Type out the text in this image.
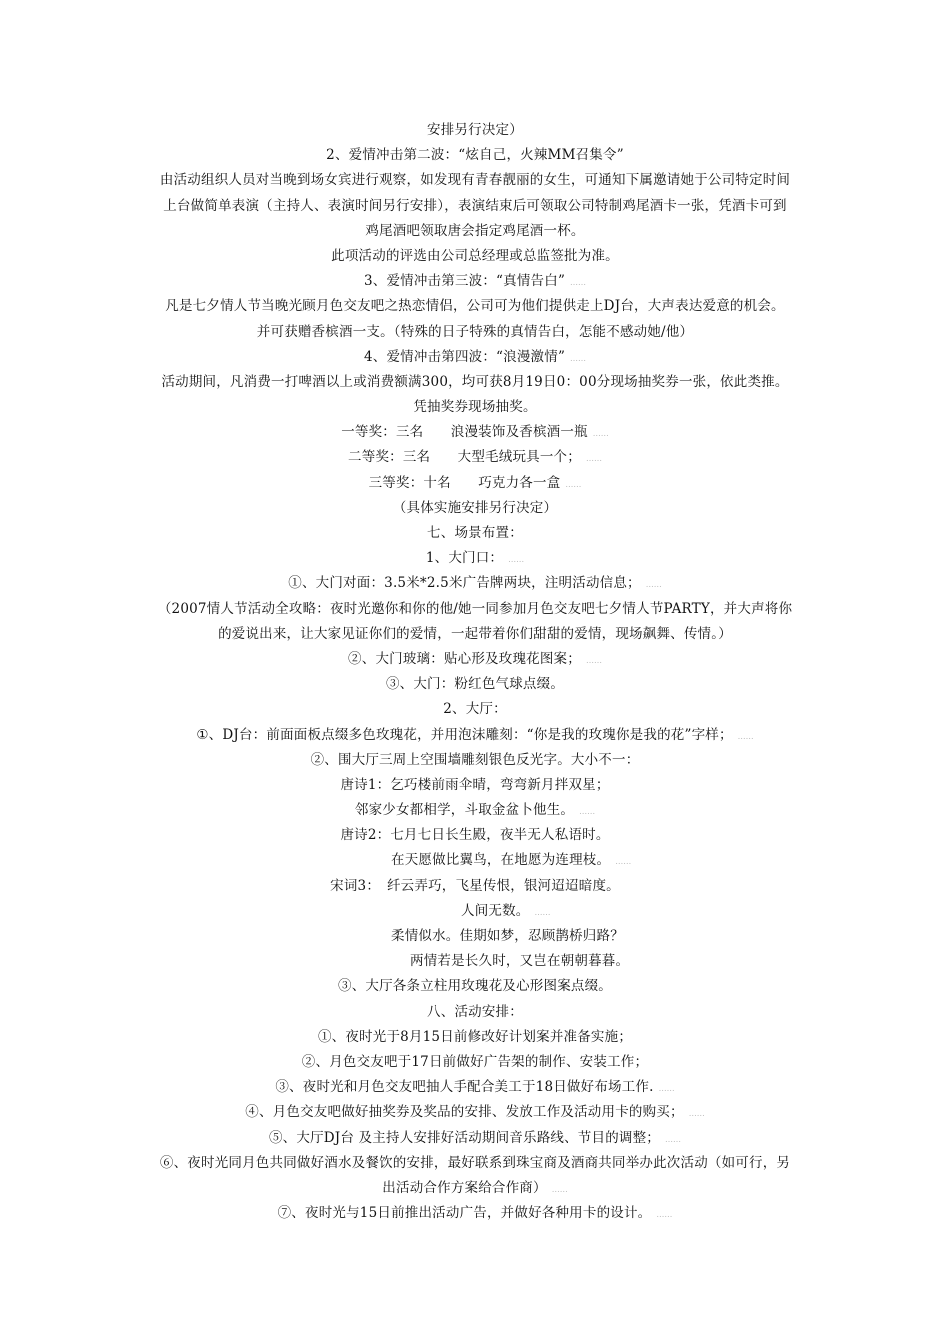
安排另行决定）
2、爱情冲击第二波：“炫自己，火辣MM召集令”
由活动组织人员对当晚到场女宾进行观察，如发现有青春靓丽的女生，可通知下属邀请她于公司特定时间
上台做简单表演（主持人、表演时间另行安排），表演结束后可领取公司特制鸡尾酒卡一张，凭酒卡可到
鸡尾酒吧领取唐会指定鸡尾酒一杯。
此项活动的评选由公司总经理或总监签批为准。
3、爱情冲击第三波：“真情告白” ……
凡是七夕情人节当晚光顾月色交友吧之热恋情侣，公司可为他们提供走上DJ台，大声表达爱意的机会。
并可获赠香槟酒一支。（特殊的日子特殊的真情告白，怎能不感动她/他）
4、爱情冲击第四波：“浪漫激情” ……
活动期间，凡消费一打啤酒以上或消费额满300，均可获8月19日0：00分现场抽奖券一张，依此类推。
凭抽奖券现场抽奖。
一等奖：三名　　浪漫装饰及香槟酒一瓶 ……
二等奖：三名　　大型毛绒玩具一个； ……
三等奖：十名　　巧克力各一盒 ……
（具体实施安排另行决定）
七、场景布置：
1、大门口： ……
①、大门对面：3.5米*2.5米广告牌两块，注明活动信息； ……
（2007情人节活动全攻略：夜时光邀你和你的他/她一同参加月色交友吧七夕情人节PARTY，并大声将你
的爱说出来，让大家见证你们的爱情，一起带着你们甜甜的爱情，现场飙舞、传情。）
②、大门玻璃：贴心形及玫瑰花图案； ……
③、大门：粉红色气球点缀。
2、大厅：
①、DJ台：前面面板点缀多色玫瑰花，并用泡沫雕刻：“你是我的玫瑰你是我的花”字样； ……
②、围大厅三周上空围墙雕刻银色反光字。大小不一：
唐诗1：乞巧楼前雨伞晴，弯弯新月拌双星；
邻家少女都相学，斗取金盆卜他生。 ……
唐诗2：七月七日长生殿，夜半无人私语时。
在天愿做比翼鸟，在地愿为连理枝。 ……
宋词3：　纤云弄巧，飞星传恨，银河迢迢暗度。
人间无数。 ……
柔情似水。佳期如梦，忍顾鹊桥归路？
两情若是长久时，又岂在朝朝暮暮。
③、大厅各条立柱用玫瑰花及心形图案点缀。
八、活动安排：
①、夜时光于8月15日前修改好计划案并准备实施；
②、月色交友吧于17日前做好广告架的制作、安装工作；
③、夜时光和月色交友吧抽人手配合美工于18日做好布场工作. ……
④、月色交友吧做好抽奖券及奖品的安排、发放工作及活动用卡的购买； ……
⑤、大厅DJ台 及主持人安排好活动期间音乐路线、节目的调整； ……
⑥、夜时光同月色共同做好酒水及餐饮的安排，最好联系到珠宝商及酒商共同举办此次活动（如可行，另
出活动合作方案给合作商） ……
⑦、夜时光与15日前推出活动广告，并做好各种用卡的设计。 ……
